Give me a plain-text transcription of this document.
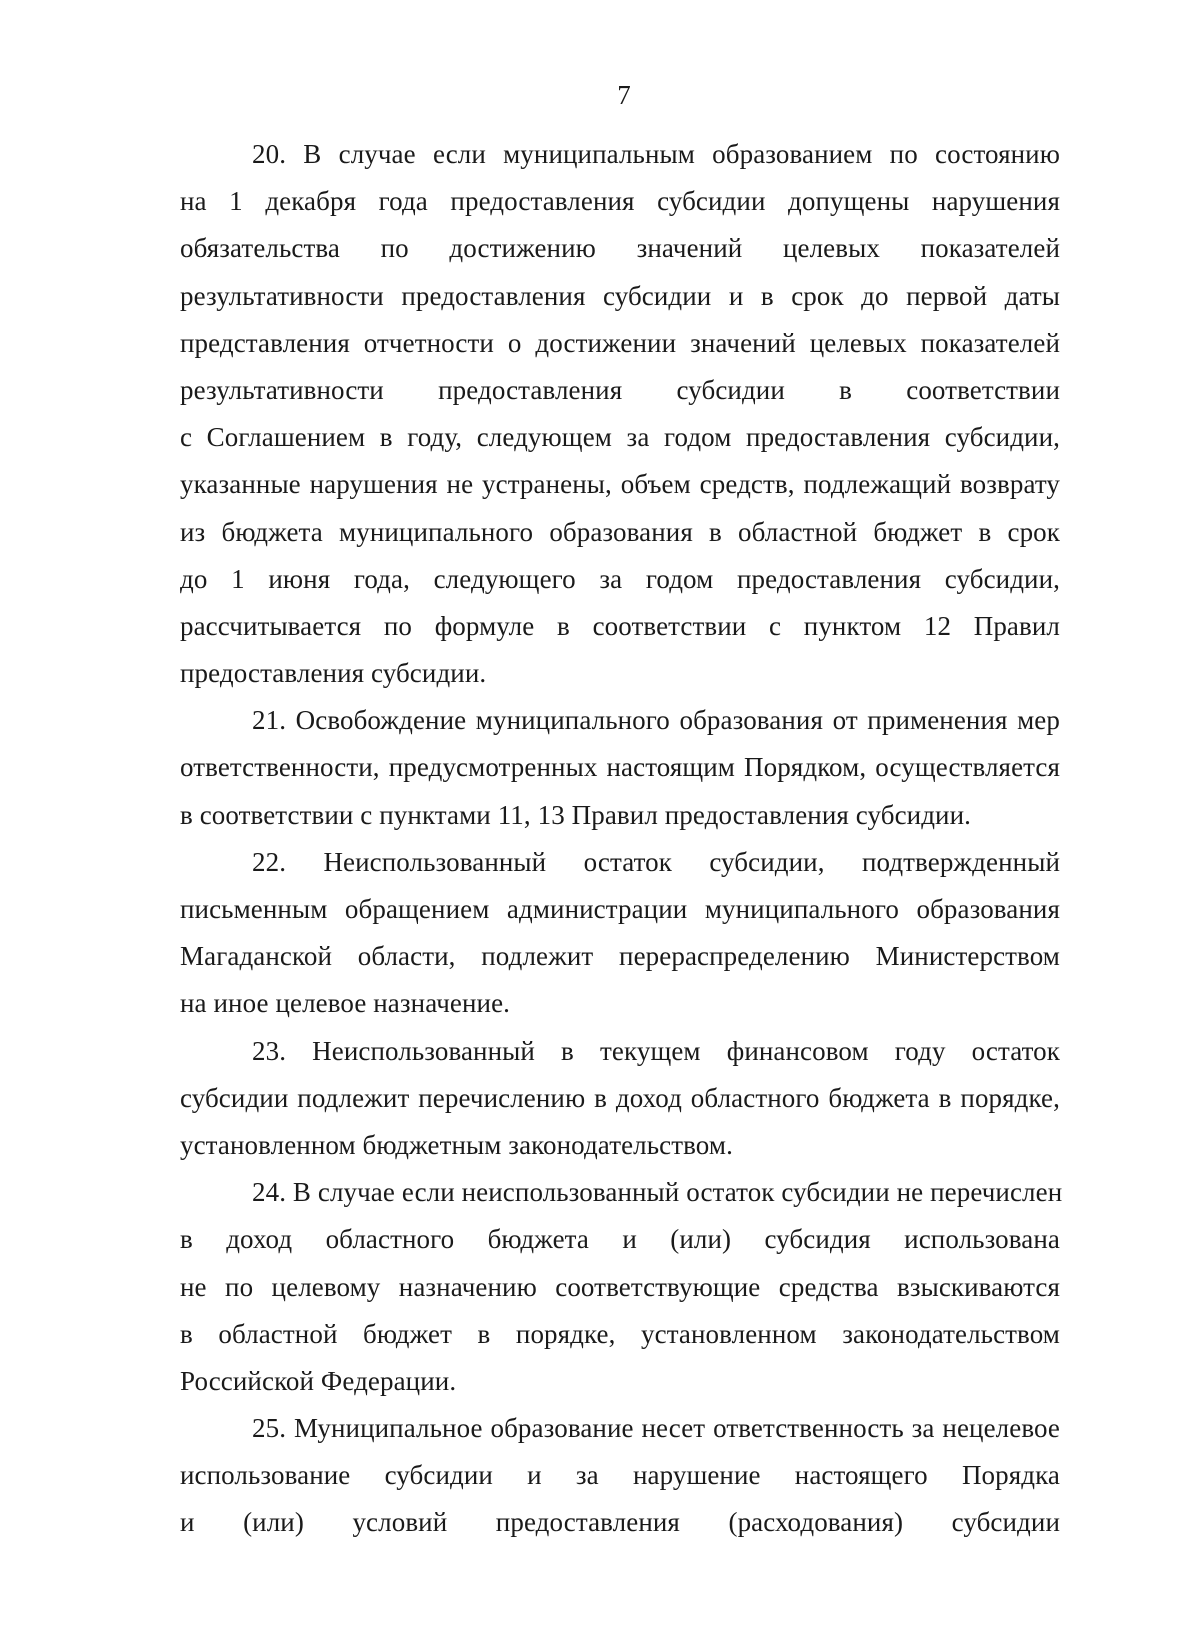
7
20. В случае если муниципальным образованием по состоянию
на 1 декабря года предоставления субсидии допущены нарушения
обязательства по достижению значений целевых показателей
результативности предоставления субсидии и в срок до первой даты
представления отчетности о достижении значений целевых показателей
результативности предоставления субсидии в соответствии
с Соглашением в году, следующем за годом предоставления субсидии,
указанные нарушения не устранены, объем средств, подлежащий возврату
из бюджета муниципального образования в областной бюджет в срок
до 1 июня года, следующего за годом предоставления субсидии,
рассчитывается по формуле в соответствии с пунктом 12 Правил
предоставления субсидии.
21. Освобождение муниципального образования от применения мер
ответственности, предусмотренных настоящим Порядком, осуществляется
в соответствии с пунктами 11, 13 Правил предоставления субсидии.
22. Неиспользованный остаток субсидии, подтвержденный
письменным обращением администрации муниципального образования
Магаданской области, подлежит перераспределению Министерством
на иное целевое назначение.
23. Неиспользованный в текущем финансовом году остаток
субсидии подлежит перечислению в доход областного бюджета в порядке,
установленном бюджетным законодательством.
24. В случае если неиспользованный остаток субсидии не перечислен
в доход областного бюджета и (или) субсидия использована
не по целевому назначению соответствующие средства взыскиваются
в областной бюджет в порядке, установленном законодательством
Российской Федерации.
25. Муниципальное образование несет ответственность за нецелевое
использование субсидии и за нарушение настоящего Порядка
и (или) условий предоставления (расходования) субсидии
